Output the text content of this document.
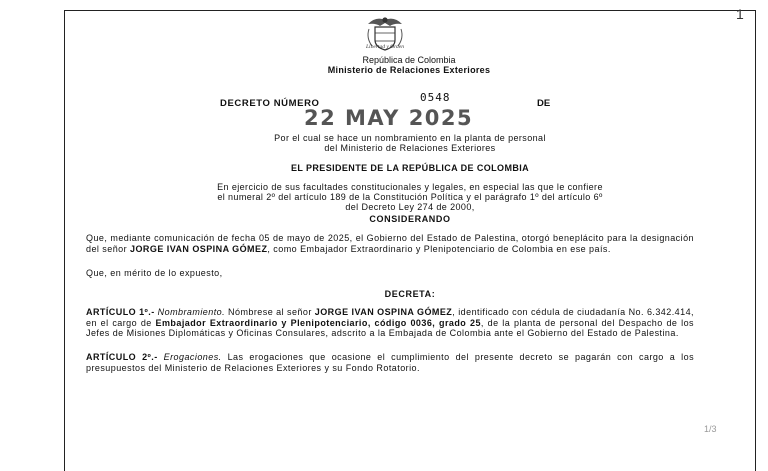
1
Libertad y Orden
República de Colombia
Ministerio de Relaciones Exteriores
DECRETO NÚMERO	0548	DE
22 MAY 2025
Por el cual se hace un nombramiento en la planta de personal
del Ministerio de Relaciones Exteriores
EL PRESIDENTE DE LA REPÚBLICA DE COLOMBIA
En ejercicio de sus facultades constitucionales y legales, en especial las que le confiere
el numeral 2º del artículo 189 de la Constitución Política y el parágrafo 1º del artículo 6º
del Decreto Ley 274 de 2000,
CONSIDERANDO
Que, mediante comunicación de fecha 05 de mayo de 2025, el Gobierno del Estado de Palestina, otorgó beneplácito para la designación del señor JORGE IVAN OSPINA GÓMEZ, como Embajador Extraordinario y Plenipotenciario de Colombia en ese país.
Que, en mérito de lo expuesto,
DECRETA:
ARTÍCULO 1º.- Nombramiento. Nómbrese al señor JORGE IVAN OSPINA GÓMEZ, identificado con cédula de ciudadanía No. 6.342.414, en el cargo de Embajador Extraordinario y Plenipotenciario, código 0036, grado 25, de la planta de personal del Despacho de los Jefes de Misiones Diplomáticas y Oficinas Consulares, adscrito a la Embajada de Colombia ante el Gobierno del Estado de Palestina.
ARTÍCULO 2º.- Erogaciones. Las erogaciones que ocasione el cumplimiento del presente decreto se pagarán con cargo a los presupuestos del Ministerio de Relaciones Exteriores y su Fondo Rotatorio.
1/3
